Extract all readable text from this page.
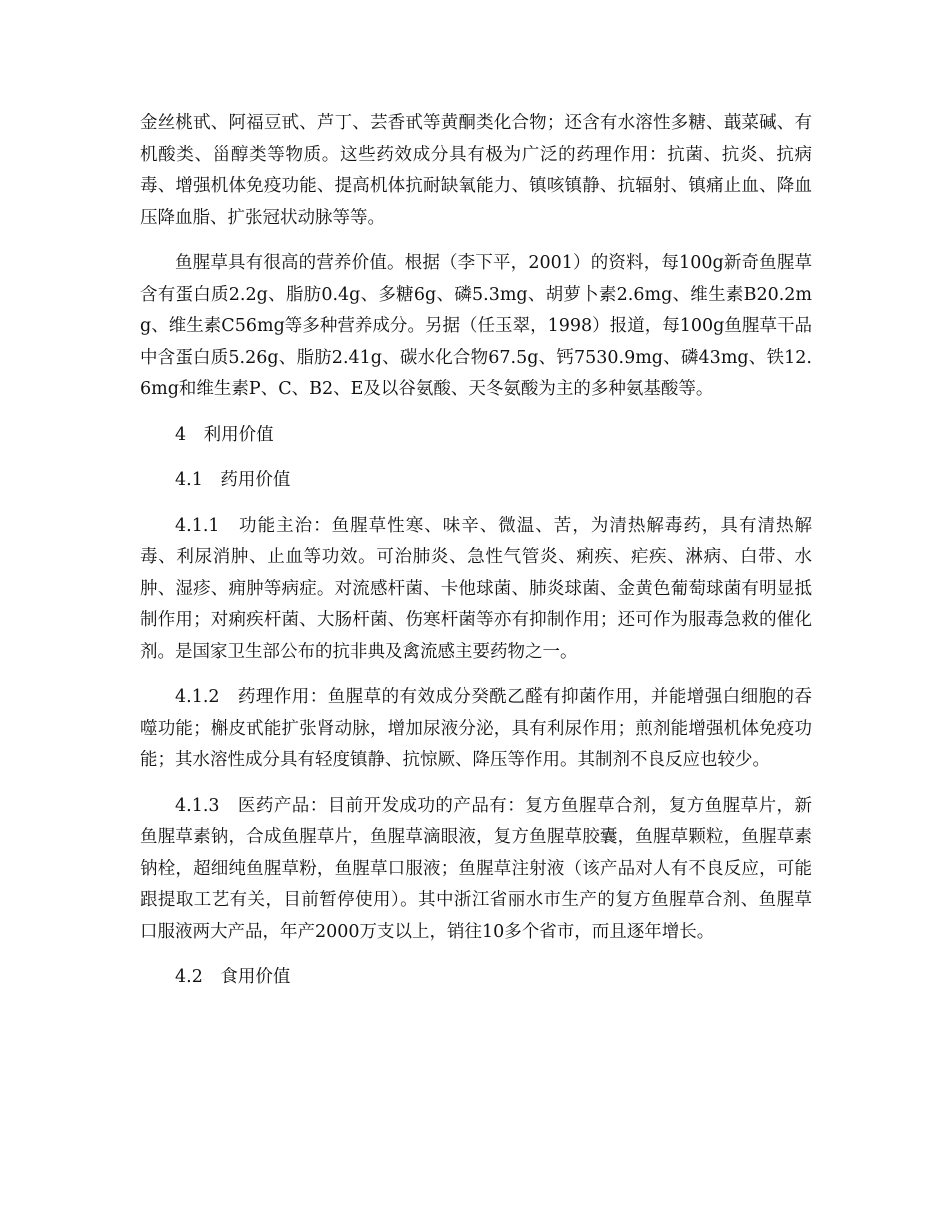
金丝桃甙、阿福豆甙、芦丁、芸香甙等黄酮类化合物；还含有水溶性多糖、蕺菜碱、有机酸类、甾醇类等物质。这些药效成分具有极为广泛的药理作用：抗菌、抗炎、抗病毒、增强机体免疫功能、提高机体抗耐缺氧能力、镇咳镇静、抗辐射、镇痛止血、降血压降血脂、扩张冠状动脉等等。

鱼腥草具有很高的营养价值。根据（李下平，2001）的资料，每100g新奇鱼腥草含有蛋白质2.2g、脂肪0.4g、多糖6g、磷5.3mg、胡萝卜素2.6mg、维生素B20.2mg、维生素C56mg等多种营养成分。另据（任玉翠，1998）报道，每100g鱼腥草干品中含蛋白质5.26g、脂肪2.41g、碳水化合物67.5g、钙7530.9mg、磷43mg、铁12.6mg和维生素P、C、B2、E及以谷氨酸、天冬氨酸为主的多种氨基酸等。

4　利用价值

4.1　药用价值

4.1.1　功能主治：鱼腥草性寒、味辛、微温、苦，为清热解毒药，具有清热解毒、利尿消肿、止血等功效。可治肺炎、急性气管炎、痢疾、疟疾、淋病、白带、水肿、湿疹、痈肿等病症。对流感杆菌、卡他球菌、肺炎球菌、金黄色葡萄球菌有明显抵制作用；对痢疾杆菌、大肠杆菌、伤寒杆菌等亦有抑制作用；还可作为服毒急救的催化剂。是国家卫生部公布的抗非典及禽流感主要药物之一。

4.1.2　药理作用：鱼腥草的有效成分癸酰乙醛有抑菌作用，并能增强白细胞的吞噬功能；槲皮甙能扩张肾动脉，增加尿液分泌，具有利尿作用；煎剂能增强机体免疫功能；其水溶性成分具有轻度镇静、抗惊厥、降压等作用。其制剂不良反应也较少。

4.1.3　医药产品：目前开发成功的产品有：复方鱼腥草合剂，复方鱼腥草片，新鱼腥草素钠，合成鱼腥草片，鱼腥草滴眼液，复方鱼腥草胶囊，鱼腥草颗粒，鱼腥草素钠栓，超细纯鱼腥草粉，鱼腥草口服液；鱼腥草注射液（该产品对人有不良反应，可能跟提取工艺有关，目前暂停使用）。其中浙江省丽水市生产的复方鱼腥草合剂、鱼腥草口服液两大产品，年产2000万支以上，销往10多个省市，而且逐年增长。

4.2　食用价值
